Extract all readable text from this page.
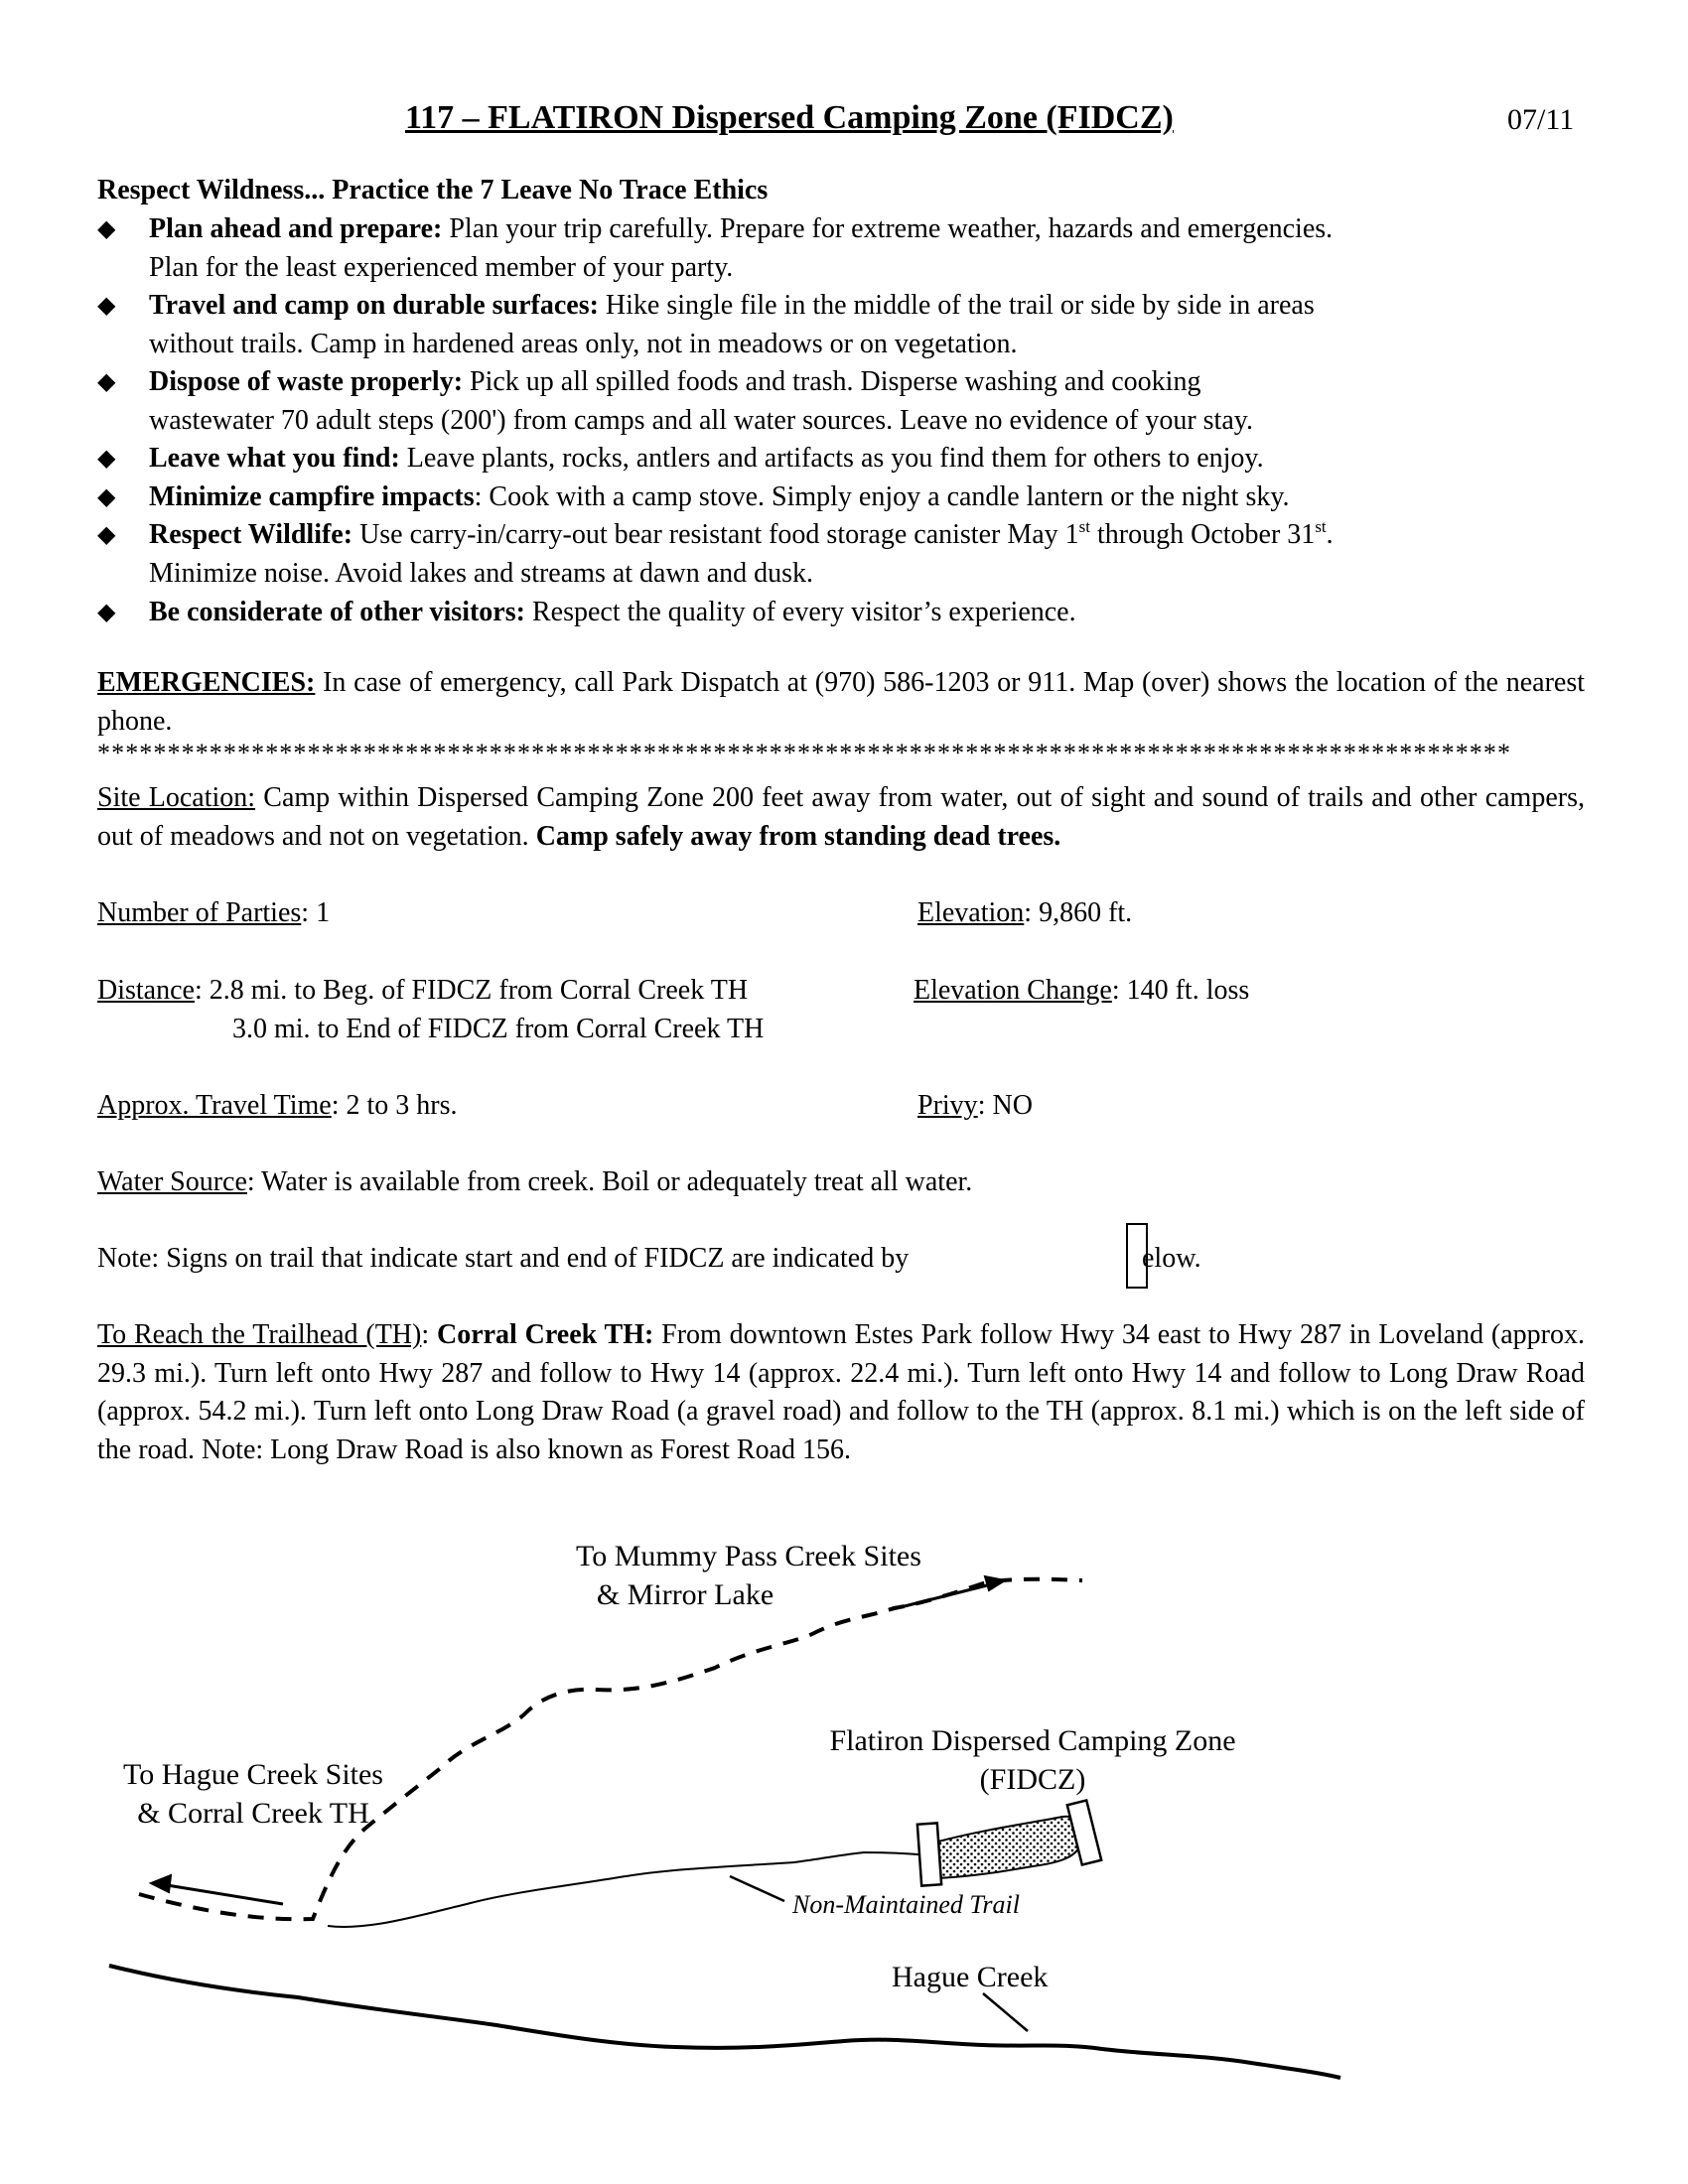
117 – FLATIRON Dispersed Camping Zone (FIDCZ)	07/11
Respect Wildness... Practice the 7 Leave No Trace Ethics
◆ Plan ahead and prepare: Plan your trip carefully. Prepare for extreme weather, hazards and emergencies.
Plan for the least experienced member of your party.
◆ Travel and camp on durable surfaces: Hike single file in the middle of the trail or side by side in areas
without trails. Camp in hardened areas only, not in meadows or on vegetation.
◆ Dispose of waste properly: Pick up all spilled foods and trash. Disperse washing and cooking
wastewater 70 adult steps (200') from camps and all water sources. Leave no evidence of your stay.
◆ Leave what you find: Leave plants, rocks, antlers and artifacts as you find them for others to enjoy.
◆ Minimize campfire impacts: Cook with a camp stove. Simply enjoy a candle lantern or the night sky.
◆ Respect Wildlife: Use carry-in/carry-out bear resistant food storage canister May 1st through October 31st.
Minimize noise. Avoid lakes and streams at dawn and dusk.
◆ Be considerate of other visitors: Respect the quality of every visitor’s experience.
EMERGENCIES: In case of emergency, call Park Dispatch at (970) 586-1203 or 911. Map (over) shows the location of the nearest phone.
*****************************************************************************************************
Site Location: Camp within Dispersed Camping Zone 200 feet away from water, out of sight and sound of trails and other campers, out of meadows and not on vegetation. Camp safely away from standing dead trees.
Number of Parties: 1	Elevation: 9,860 ft.
Distance: 2.8 mi. to Beg. of FIDCZ from Corral Creek TH
3.0 mi. to End of FIDCZ from Corral Creek TH
Elevation Change: 140 ft. loss
Approx. Travel Time: 2 to 3 hrs.	Privy: NO
Water Source: Water is available from creek. Boil or adequately treat all water.
Note: Signs on trail that indicate start and end of FIDCZ are indicated by	elow.
To Reach the Trailhead (TH): Corral Creek TH: From downtown Estes Park follow Hwy 34 east to Hwy 287 in Loveland (approx. 29.3 mi.). Turn left onto Hwy 287 and follow to Hwy 14 (approx. 22.4 mi.). Turn left onto Hwy 14 and follow to Long Draw Road (approx. 54.2 mi.). Turn left onto Long Draw Road (a gravel road) and follow to the TH (approx. 8.1 mi.) which is on the left side of the road. Note: Long Draw Road is also known as Forest Road 156.
To Mummy Pass Creek Sites
& Mirror Lake
To Hague Creek Sites
& Corral Creek TH
Flatiron Dispersed Camping Zone
(FIDCZ)
Non-Maintained Trail
Hague Creek
